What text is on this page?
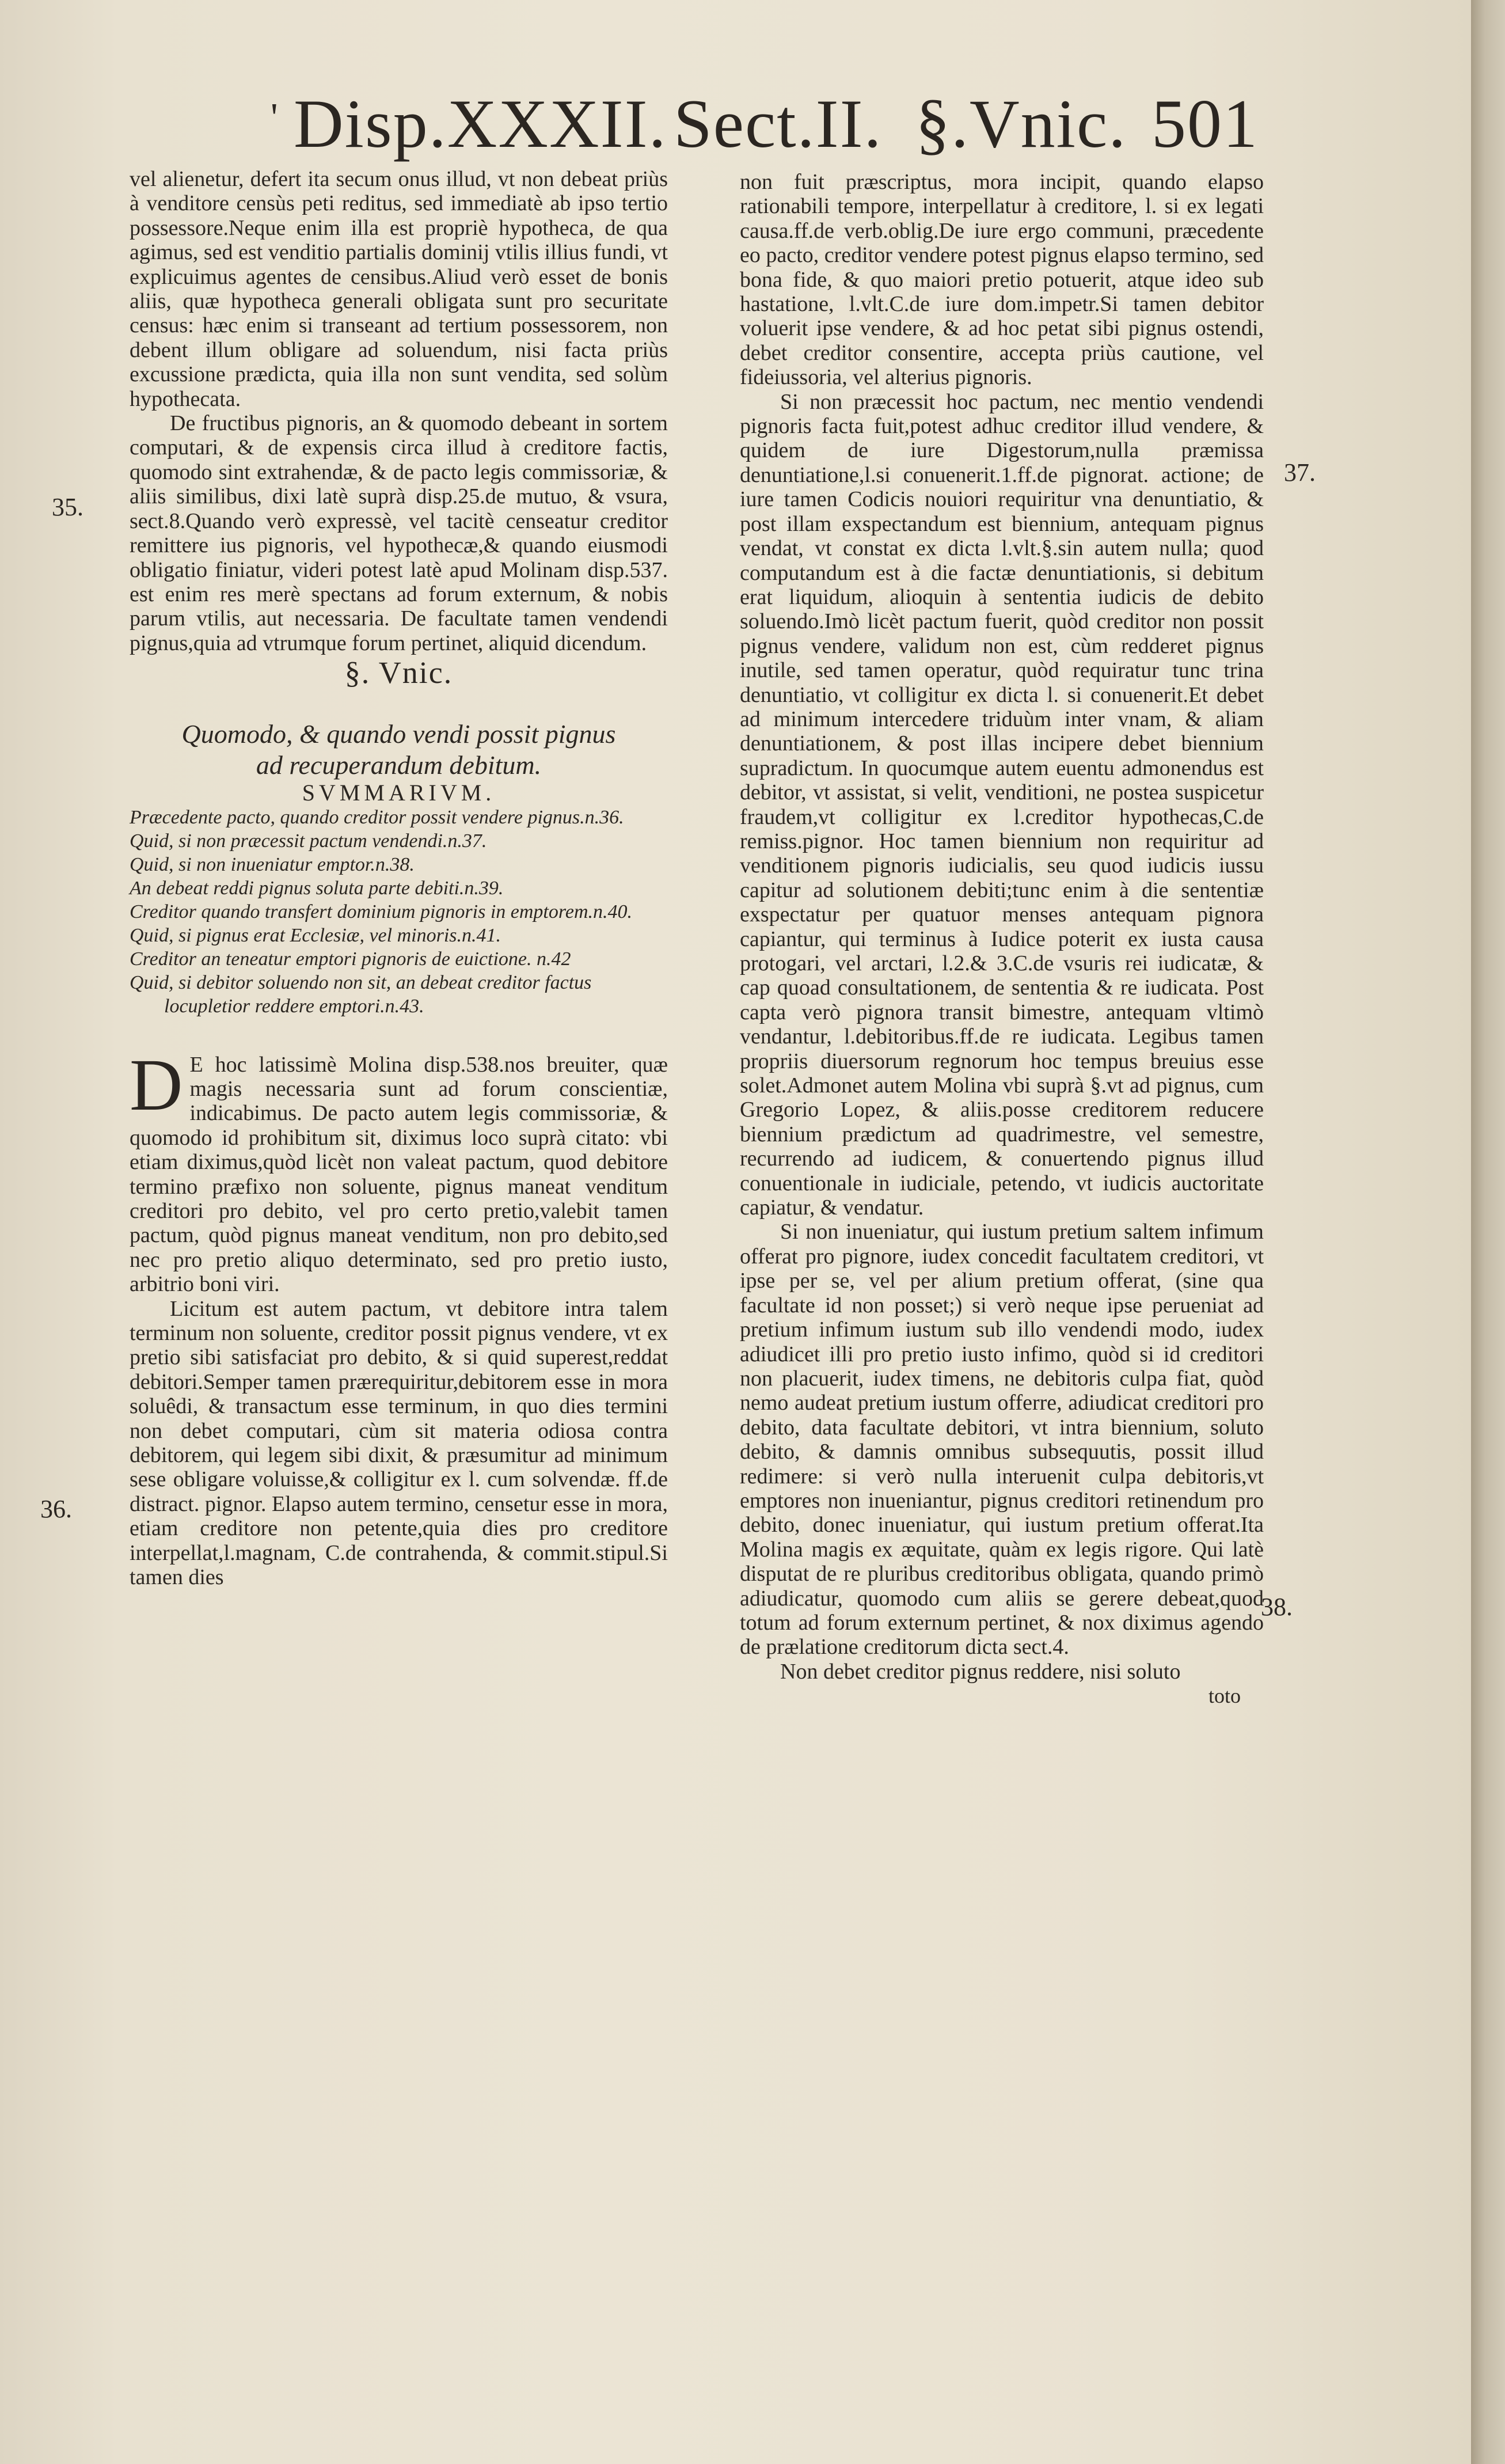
' Disp.XXXII. Sect.II. §.Vnic. 501
35.
36.
37.
38.

vel alienetur, defert ita secum onus illud, vt non debeat priùs à venditore censùs peti reditus, sed immediatè ab ipso tertio possessore.Neque enim illa est propriè hypotheca, de qua agimus, sed est venditio partialis dominij vtilis illius fundi, vt explicuimus agentes de censibus.Aliud verò esset de bonis aliis, quæ hypotheca generali obligata sunt pro securitate census: hæc enim si transeant ad tertium possessorem, non debent illum obligare ad soluendum, nisi facta priùs excussione prædicta, quia illa non sunt vendita, sed solùm hypothecata.

De fructibus pignoris, an & quomodo debeant in sortem computari, & de expensis circa illud à creditore factis, quomodo sint extrahendæ, & de pacto legis commissoriæ, & aliis similibus, dixi latè suprà disp.25.de mutuo, & vsura, sect.8.Quando verò expressè, vel tacitè censeatur creditor remittere ius pignoris, vel hypothecæ,& quando eiusmodi obligatio finiatur, videri potest latè apud Molinam disp.537. est enim res merè spectans ad forum externum, & nobis parum vtilis, aut necessaria. De facultate tamen vendendi pignus,quia ad vtrumque forum pertinet, aliquid dicendum.

§. Vnic.

Quomodo, & quando vendi possit pignus
ad recuperandum debitum.

SVMMARIVM.

Præcedente pacto, quando creditor possit vendere pignus.n.36.

Quid, si non præcessit pactum vendendi.n.37.

Quid, si non inueniatur emptor.n.38.

An debeat reddi pignus soluta parte debiti.n.39.

Creditor quando transfert dominium pignoris in emptorem.n.40.

Quid, si pignus erat Ecclesiæ, vel minoris.n.41.

Creditor an teneatur emptori pignoris de euictione. n.42

Quid, si debitor soluendo non sit, an debeat creditor factus locupletior reddere emptori.n.43.

D E hoc latissimè Molina disp.538.nos breuiter, quæ magis necessaria sunt ad forum conscientiæ, indicabimus. De pacto autem legis commissoriæ, & quomodo id prohibitum sit, diximus loco suprà citato: vbi etiam diximus,quòd licèt non valeat pactum, quod debitore termino præfixo non soluente, pignus maneat venditum creditori pro debito, vel pro certo pretio,valebit tamen pactum, quòd pignus maneat venditum, non pro debito,sed nec pro pretio aliquo determinato, sed pro pretio iusto, arbitrio boni viri.

Licitum est autem pactum, vt debitore intra talem terminum non soluente, creditor possit pignus vendere, vt ex pretio sibi satisfaciat pro debito, & si quid superest,reddat debitori.Semper tamen prærequiritur,debitorem esse in mora soluêdi, & transactum esse terminum, in quo dies termini non debet computari, cùm sit materia odiosa contra debitorem, qui legem sibi dixit, & præsumitur ad minimum sese obligare voluisse,& colligitur ex l. cum solvendæ. ff.de distract. pignor. Elapso autem termino, censetur esse in mora, etiam creditore non petente,quia dies pro creditore interpellat,l.magnam, C.de contrahenda, & commit.stipul.Si tamen dies

non fuit præscriptus, mora incipit, quando elapso rationabili tempore, interpellatur à creditore, l. si ex legati causa.ff.de verb.oblig.De iure ergo communi, præcedente eo pacto, creditor vendere potest pignus elapso termino, sed bona fide, & quo maiori pretio potuerit, atque ideo sub hastatione, l.vlt.C.de iure dom.impetr.Si tamen debitor voluerit ipse vendere, & ad hoc petat sibi pignus ostendi, debet creditor consentire, accepta priùs cautione, vel fideiussoria, vel alterius pignoris.

Si non præcessit hoc pactum, nec mentio vendendi pignoris facta fuit,potest adhuc creditor illud vendere, & quidem de iure Digestorum,nulla præmissa denuntiatione,l.si conuenerit.1.ff.de pignorat. actione; de iure tamen Codicis nouiori requiritur vna denuntiatio, & post illam exspectandum est biennium, antequam pignus vendat, vt constat ex dicta l.vlt.§.sin autem nulla; quod computandum est à die factæ denuntiationis, si debitum erat liquidum, alioquin à sententia iudicis de debito soluendo.Imò licèt pactum fuerit, quòd creditor non possit pignus vendere, validum non est, cùm redderet pignus inutile, sed tamen operatur, quòd requiratur tunc trina denuntiatio, vt colligitur ex dicta l. si conuenerit.Et debet ad minimum intercedere triduùm inter vnam, & aliam denuntiationem, & post illas incipere debet biennium supradictum. In quocumque autem euentu admonendus est debitor, vt assistat, si velit, venditioni, ne postea suspicetur fraudem,vt colligitur ex l.creditor hypothecas,C.de remiss.pignor. Hoc tamen biennium non requiritur ad venditionem pignoris iudicialis, seu quod iudicis iussu capitur ad solutionem debiti;tunc enim à die sententiæ exspectatur per quatuor menses antequam pignora capiantur, qui terminus à Iudice poterit ex iusta causa protogari, vel arctari, l.2.& 3.C.de vsuris rei iudicatæ, & cap quoad consultationem, de sententia & re iudicata. Post capta verò pignora transit bimestre, antequam vltimò vendantur, l.debitoribus.ff.de re iudicata. Legibus tamen propriis diuersorum regnorum hoc tempus breuius esse solet.Admonet autem Molina vbi suprà §.vt ad pignus, cum Gregorio Lopez, & aliis.posse creditorem reducere biennium prædictum ad quadrimestre, vel semestre, recurrendo ad iudicem, & conuertendo pignus illud conuentionale in iudiciale, petendo, vt iudicis auctoritate capiatur, & vendatur.

Si non inueniatur, qui iustum pretium saltem infimum offerat pro pignore, iudex concedit facultatem creditori, vt ipse per se, vel per alium pretium offerat, (sine qua facultate id non posset;) si verò neque ipse perueniat ad pretium infimum iustum sub illo vendendi modo, iudex adiudicet illi pro pretio iusto infimo, quòd si id creditori non placuerit, iudex timens, ne debitoris culpa fiat, quòd nemo audeat pretium iustum offerre, adiudicat creditori pro debito, data facultate debitori, vt intra biennium, soluto debito, & damnis omnibus subsequutis, possit illud redimere: si verò nulla interuenit culpa debitoris,vt emptores non inueniantur, pignus creditori retinendum pro debito, donec inueniatur, qui iustum pretium offerat.Ita Molina magis ex æquitate, quàm ex legis rigore. Qui latè disputat de re pluribus creditoribus obligata, quando primò adiudicatur, quomodo cum aliis se gerere debeat,quod totum ad forum externum pertinet, & nox diximus agendo de prælatione creditorum dicta sect.4.

Non debet creditor pignus reddere, nisi soluto

toto
